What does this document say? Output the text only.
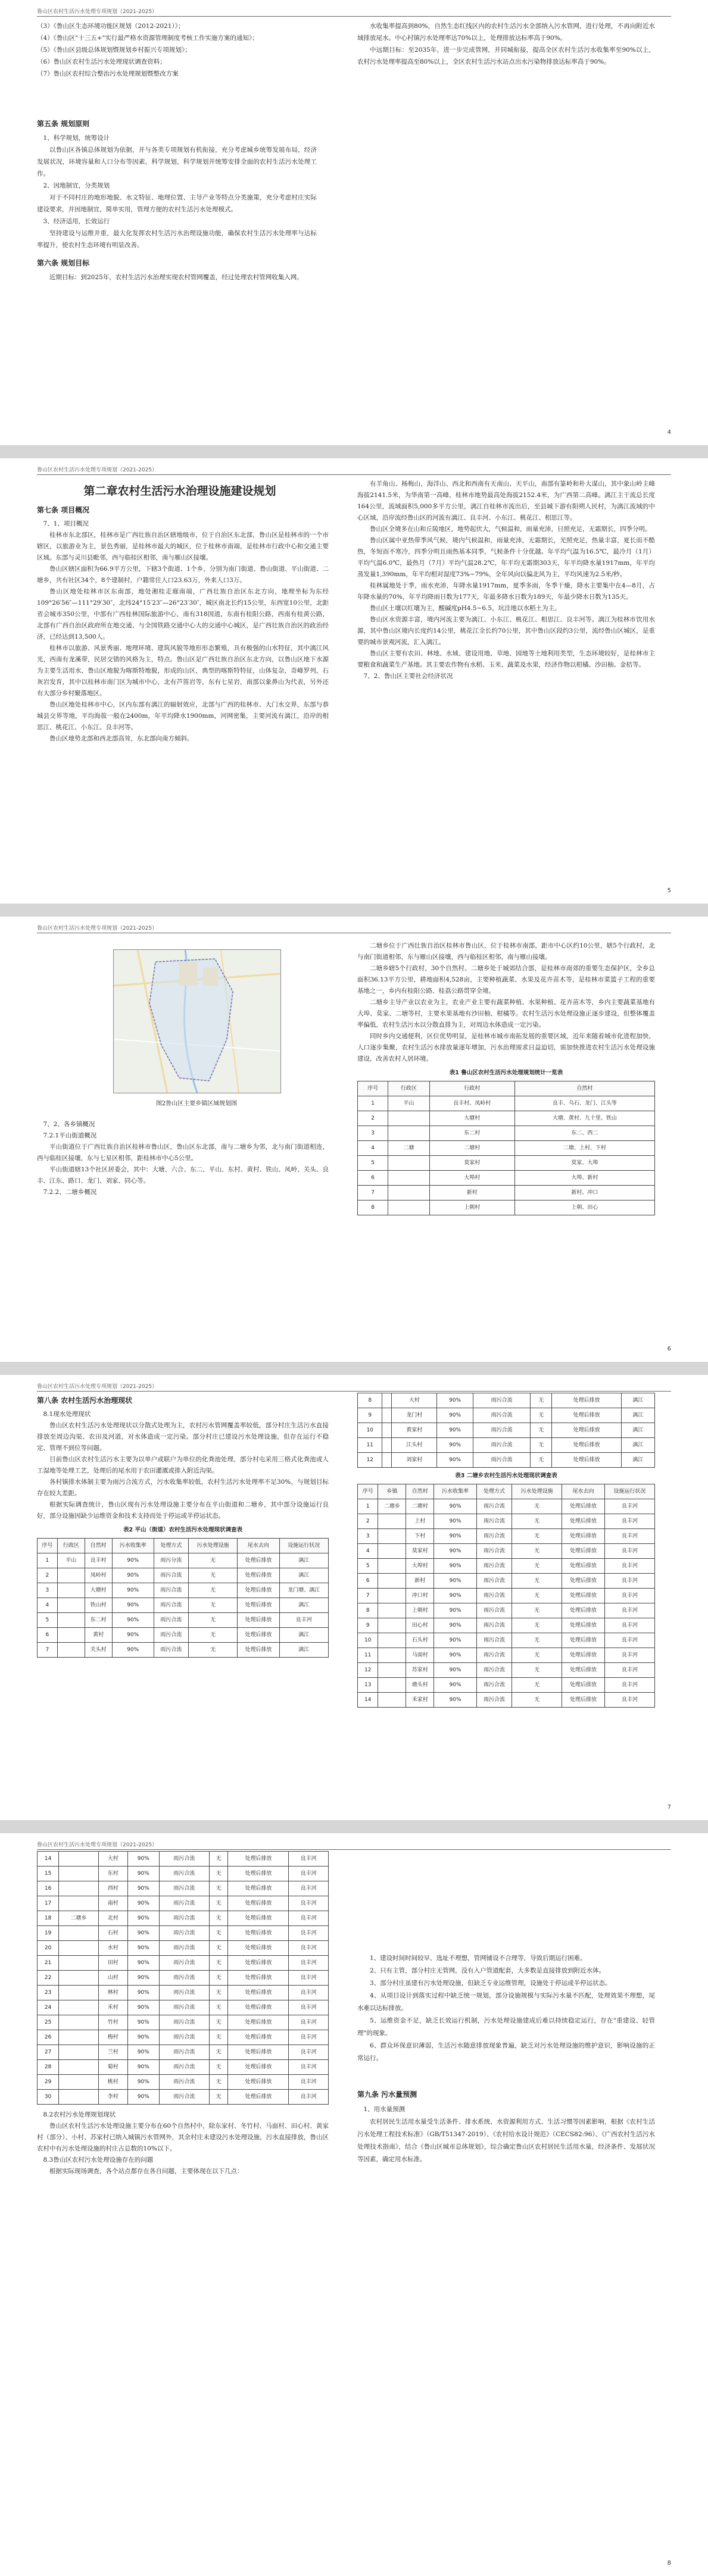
鲁山区农村生活污水处理专项规划（2021-2025）

（3）《鲁山区生态环境功能区规划（2012-2021）》；

（4）《鲁山区"十三五+"实行最严格水资源管理制度考核工作实施方案的通知》；

（5）《鲁山区县级总体规划暨规划乡村振兴专项规划》；

（6）鲁山区农村生活污水处理现状调查资料；

（7）鲁山区农村综合整治污水处理规划暨整改方案

第五条 规划原则

1、科学规划，统筹设计

以鲁山区各镇总体规划为依据，并与各类专项规划有机衔接，充分考虑城乡统筹发展布局，经济发展状况，环境容量和人口分布等因素，科学规划，科学规划并统筹安排全面的农村生活污水处理工作。

2、因地制宜，分类规划

对于不同村庄的地形地貌、水文特征、地理位置、主导产业等特点分类施策，充分考虑村庄实际建设要求，并因地制宜，简单实用，管理方便的农村生活污水处理模式。

3、经济适用，长效运行

坚持建设与运维并重，最大化发挥农村生活污水治理设施功能，确保农村生活污水处理率与达标率提升，使农村生态环境有明显改善。

第六条 规划目标

近期目标：到2025年，农村生活污水治理实现农村管网覆盖，经过处理农村管网收集入网。

水收集率提高到80%，自然生态红线区内的农村生活污水全部纳入污水管网，进行处理，不再向附近水域排放尾水。中心村镇污水处理率达70%以上，处理排放达标率高于90%。

中远期目标：至2035年，进一步完成管网，并同城衔接，提高全区农村生活污水收集率至90%以上，农村污水处理率提高至80%以上，全区农村生活污水站点出水污染物排放达标率高于90%。

4
鲁山区农村生活污水处理专项规划（2021-2025）
第二章农村生活污水治理设施建设规划
第七条 项目概况

7、1、项目概况

桂林市东北部区，桂林市是广西壮族自治区辖地级市，位于自治区东北部，鲁山区是桂林市的一个市辖区，以旅游业为主，景色秀丽，是桂林市最大的城区，位于桂林市南端，是桂林市行政中心和交通主要区域。东部与灵川县毗邻，西与临桂区相邻，南与雁山区接壤。

鲁山区辖区面积为66.9平方公里，下辖3个街道、1个乡，分别为南门街道、鲁山街道、平山街道、二塘乡，共有社区34个，8个建制村，户籍常住人口23.63万，外来人口3万。

鲁山区地处桂林市区东南部，地处湘桂走廊南端，广西壮族自治区东北方向，地理坐标为东经109°26′56″—111°29′30″，北纬24°15′23″—26°23′30″，城区南北长约15公里，东西宽10公里，北距省会城市350公里，中部有广西桂林国际旅游中心，南有318国道，东南有桂阳公路，西南有桂黄公路，北部有广西自治区政府所在地交通、与全国铁路交通中心大的交通中心城区，是广西壮族自治区的政治经济，已经达到13,500人。

桂林市以旅游、风景秀丽、地理环境、建筑风貌等地形形态繁殖，具有极强的山水特征，其中漓江风光，西南有龙溪带，民居交错的风格为主，特点。鲁山区是广西壮族自治区东北方向，以鲁山区地下水源为主要生活用水，鲁山区地貌为喀斯特地貌，形成的山区，典型的喀斯特特征，山体复杂，奇峰罗列，石灰岩发育，其中以桂林市南门区为城市中心，北有芦笛岩等，东有七星岩，南部以象鼻山为代表，另外还有大部分乡村聚落地区。

鲁山区地处桂林市中心，区内东部有漓江的辐射效应，北部与广西的桂林市、大门水交界，东部与恭城县交界等地，平均海拔一般在2400m，年平均降水1900mm，河网密集，主要河流有漓江，沿岸的相思江、桃花江、小东江、良丰河等。

鲁山区地势北部和西北部高耸，东北部向南方倾斜。

有羊角山、杨梅山、海洋山、西北和西南有天南山、天平山，南部有篆岭和朴大谋山，其中象山岭主峰海拔2141.5米，为华南第一高峰，桂林市地势最高处海拔2152.4米，为广西第二高峰。漓江主干流总长度164公里，流域面积5,000多平方公里，漓江自桂林市流出后，至县城下游有阳朔人民村，为漓江流域的中心区域，沿岸流经鲁山区的河流有漓江、良丰河、小东江、桃花江、相思江等。

鲁山区全境多在山和丘陵地区，地势起伏大，气候温和，雨量充沛，日照充足，无霜期长，四季分明。

鲁山区属中亚热带季风气候，境内气候温和，雨量充沛，无霜期长，光照充足，热量丰富，夏长而不酷热，冬短而不寒冷，四季分明且雨热基本同季，气候条件十分优越。年平均气温为16.5℃，最冷月（1月）平均气温6.0℃，最热月（7月）平均气温28.2℃，年平均无霜期303天，年平均降水量1917mm，年平均蒸发量1,390mm，年平均相对湿度73%~79%，全年风向以偏北风为主，平均风速为2.5米/秒。

桂林属地处于季，雨水充沛，年降水量1917mm，夏季多雨，冬季干燥，降水主要集中在4—8月，占年降水量的70%，年平均降雨日数为177天，年最多降水日数为189天，年最少降水日数为135天。

鲁山区土壤以红壤为主，酸碱度pH4.5~6.5，坑洼地以水稻土为主。

鲁山区水资源丰富，境内河流主要为漓江、小东江、桃花江、相思江、良丰河等。漓江为桂林市饮用水源，其中鲁山区境内长度约14公里，桃花江全长约70公里，其中鲁山区段约3公里，流经鲁山区城区，是重要的城市景观河流，汇入漓江。

鲁山区主要有农田、林地、水域、建设用地、草地、园地等土地利用类型，生态环境较好，是桂林市主要粮食和蔬菜生产基地。其主要农作物有水稻、玉米、蔬菜及水果，经济作物以柑橘、沙田柚、金桔等。

7、2、鲁山区主要社会经济状况

5
鲁山区农村生活污水处理专项规划（2021-2025）
6
图2鲁山区主要乡镇区域规划图

7、2、各乡镇概况

7.2.1平山街道概况

平山街道位于广西壮族自治区桂林市鲁山区，鲁山区东北部，南与二塘乡为邻，北与南门街道相连，西与临桂区接壤，东与七星区相邻，距桂林市中心5公里。

平山街道辖13个社区居委会，其中：大塘、六合、东二、平山、东村、黄村、铁山、凤岭、关头、良丰、江东、路口、龙门、刘家、同心等。

7.2.2、二塘乡概况

二塘乡位于广西壮族自治区桂林市鲁山区，位于桂林市南部，距市中心区约10公里，辖5个行政村，北与南门街道相邻，东与雁山区接壤，西与临桂区相邻，南与雁山接壤。

二塘乡辖5个行政村，30个自然村。二塘乡处于城郊结合部，是桂林市南郊的重要生态保护区，全乡总面积36.13平方公里，耕地面积4,528亩，主要种植蔬菜、水果及花卉苗木等，是桂林市菜篮子工程的重要基地之一，乡内有桂阳公路、桂荔公路贯穿全境。

二塘乡主导产业以农业为主，农业产业主要有蔬菜种植、水果种植、花卉苗木等，乡内主要蔬菜基地有大埠、莫家、二塘等村，主要水果基地有沙田柚、柑橘等。农村生活污水处理设施正逐步建设，但整体覆盖率偏低，农村生活污水以分散直排为主，对周边水体造成一定污染。

同时乡内交通便利，区位优势明显，是桂林市城市南拓发展的重要区域，近年来随着城市化进程加快，人口逐步集聚，农村生活污水排放量逐年增加，污水治理需求日益迫切，需加快推进农村生活污水处理设施建设，改善农村人居环境。

表1 鲁山区农村生活污水处理规划统计一览表
序号	行政区	行政村	自然村
1	平山	良丰村、凤岭村	良丰、乌石、龙门、江头等
2		大塘村	大塘、黄村、九十里、铁山
3		东二村	东二、西二
4	二塘	二塘村	二塘、上村、下村
5		莫家村	莫家、大埠
6		大埠村	大埠、新村
7		新村	新村、冲口
8		上朝村	上朝、田心
鲁山区农村生活污水处理专项规划（2021-2025）
7
第八条 农村生活污水治理现状

8.1现水处理现状

鲁山区农村生活污水处理现状以分散式处理为主，农村污水管网覆盖率较低，部分村庄生活污水直接排放至周边沟渠、农田及河道，对水体造成一定污染。部分村庄已建设污水处理设施，但存在运行不稳定、管理不到位等问题。

目前鲁山区农村生活污水主要为以单户或联户为单位的化粪池处理，部分村屯采用三格式化粪池或人工湿地等处理工艺，处理后的尾水用于农田灌溉或排入附近沟渠。

各村镇排水体制主要为雨污合流方式，污水收集率较低，农村生活污水处理率不足30%，与规划目标存在较大差距。

根据实际调查统计，鲁山区现有污水处理设施主要分布在平山街道和二塘乡，其中部分设施运行良好，部分设施因缺少运维资金和技术支持而处于停运或半停运状态。

表2 平山（街道）农村生活污水处理现状调查表
序号	行政区	自然村	污水收集率	处理方式	污水处理设施	尾水去向	设施运行状况
1	平山	良丰村	90%	雨污分流	无	处理后排放	漓江
2		凤岭村	90%	雨污合流	无	处理后排放	漓江
3		大塘村	90%	雨污合流	无	处理后排放	龙门塘、漓江
4		铁山村	90%	雨污合流	无	处理后排放	漓江
5		东二村	90%	雨污合流	无	处理后排放	良丰河
6		黄村	90%	雨污合流	无	处理后排放	漓江
7		关头村	90%	雨污合流	无	处理后排放	漓江
8		大村	90%	雨污合流	无	处理后排放	漓江
9		龙门村	90%	雨污合流	无	处理后排放	漓江
10		黄家村	90%	雨污合流	无	处理后排放	漓江
11		江头村	90%	雨污合流	无	处理后排放	漓江
12		刘家村	90%	雨污合流	无	处理后排放	漓江
表3 二塘乡农村生活污水处理现状调查表
序号	乡镇	自然村	污水收集率	处理方式	污水处理设施	尾水去向	设施运行状况
1	二塘乡	二塘村	90%	雨污合流	无	处理后排放	良丰河
2		上村	90%	雨污合流	无	处理后排放	良丰河
3		下村	90%	雨污合流	无	处理后排放	良丰河
4		莫家村	90%	雨污合流	无	处理后排放	良丰河
5		大埠村	90%	雨污合流	无	处理后排放	良丰河
6		新村	90%	雨污合流	无	处理后排放	良丰河
7		冲口村	90%	雨污合流	无	处理后排放	良丰河
8		上朝村	90%	雨污合流	无	处理后排放	良丰河
9		田心村	90%	雨污合流	无	处理后排放	良丰河
10		石头村	90%	雨污合流	无	处理后排放	良丰河
11		马面村	90%	雨污合流	无	处理后排放	良丰河
12		苏家村	90%	雨污合流	无	处理后排放	良丰河
13		塘头村	90%	雨污合流	无	处理后排放	良丰河
14		禾家村	90%	雨污合流	无	处理后排放	良丰河
鲁山区农村生活污水处理专项规划（2021-2025）
8
14		大村	90%	雨污合流	无	处理后排放	良丰河
15		东村	90%	雨污合流	无	处理后排放	良丰河
16		西村	90%	雨污合流	无	处理后排放	良丰河
17		南村	90%	雨污合流	无	处理后排放	良丰河
18	二塘乡	北村	90%	雨污合流	无	处理后排放	良丰河
19		石村	90%	雨污合流	无	处理后排放	良丰河
20		水村	90%	雨污合流	无	处理后排放	良丰河
21		田村	90%	雨污合流	无	处理后排放	良丰河
22		山村	90%	雨污合流	无	处理后排放	良丰河
23		林村	90%	雨污合流	无	处理后排放	良丰河
24		禾村	90%	雨污合流	无	处理后排放	良丰河
25		竹村	90%	雨污合流	无	处理后排放	良丰河
26		梅村	90%	雨污合流	无	处理后排放	良丰河
27		兰村	90%	雨污合流	无	处理后排放	良丰河
28		菊村	90%	雨污合流	无	处理后排放	良丰河
29		桃村	90%	雨污合流	无	处理后排放	良丰河
30		李村	90%	雨污合流	无	处理后排放	良丰河

8.2农村污水处理规划现状

鲁山区农村生活污水处理设施主要分布在60个自然村中，除东家村、冬竹村、马面村、田心村、黄家村（部分）、小村、苏家村已纳入城镇污水管网外，其余村庄未建设污水处理设施，污水直接排放，鲁山区农村中有污水处理设施的村庄占总数的10%以下。

8.3鲁山区农村污水处理设施存在的问题

根据实际现场调查，各个站点都存在各自问题，主要体现在以下几点：

1、建设时间时间较早，选址不理想，管网铺设不合理等，导致后期运行困难。

2、只有主管，部分村庄无管网，没有入户管道配套，大多数是直接排放到附近水体。

3、部分村庄虽建有污水处理设施，但缺乏专业运维管理，设施处于停运或半停运状态。

4、从项目设计到落实过程中缺乏统一规划，部分设施规模与实际污水量不匹配，处理效果不理想，尾水难以达标排放。

5、运维资金不足，缺乏长效运行机制，污水处理设施建成后难以持续稳定运行，存在"重建设、轻管理"的现象。

6、群众环保意识薄弱，生活污水随意排放现象普遍，缺乏对污水处理设施的维护意识，影响设施的正常运行。

第九条 污水量预测

1、用水量预测

农村居民生活用水量受生活条件、排水系统、水资源利用方式、生活习惯等因素影响，根据《农村生活污水处理工程技术标准》（GB/T51347-2019）、《农村给水设计规范》（CECS82:96）、《广西农村生活污水处理技术指南》，结合《鲁山区城市总体规划》，综合确定鲁山区农村居民生活用水量，经济条件、发展状况等因素，确定用水标准。
